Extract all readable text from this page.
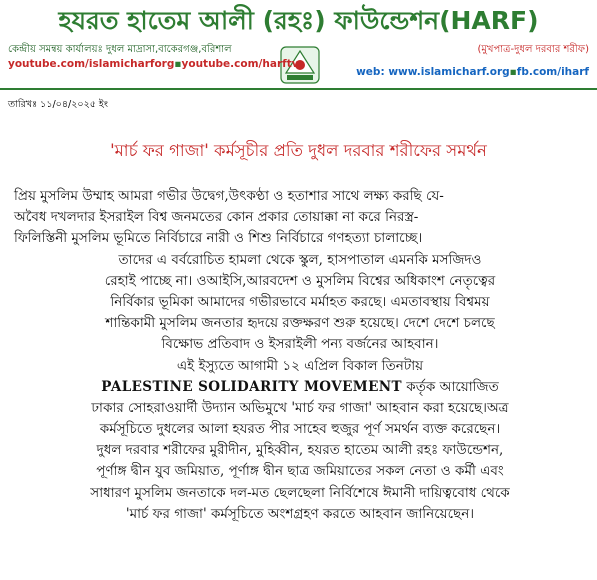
হযরত হাতেম আলী (রহঃ) ফাউন্ডেশন(HARF)
কেন্দ্রীয় সমন্বয় কার্যালয়ঃ দুধল মাদ্রাসা,বাকেরগঞ্জ,বরিশাল	(মুখপাত্র-দুধল দরবার শরীফ)
youtube.com/islamicharforg▪youtube.com/harftv
web: www.islamicharf.org▪fb.com/iharf
তারিখঃ ১১/০৪/২০২৫ ইং
'মার্চ ফর গাজা' কর্মসূচীর প্রতি দুধল দরবার শরীফের সমর্থন
প্রিয় মুসলিম উম্মাহ আমরা গভীর উদ্বেগ,উৎকণ্ঠা ও হতাশার সাথে লক্ষ্য করছি যে-
অবৈধ দখলদার ইসরাইল বিশ্ব জনমতের কোন প্রকার তোয়াক্কা না করে নিরস্ত্র-
ফিলিস্তিনী মুসলিম ভূমিতে নির্বিচারে নারী ও শিশু নির্বিচারে গণহত্যা চালাচ্ছে।
তাদের এ বর্বরোচিত হামলা থেকে স্কুল, হাসপাতাল এমনকি মসজিদও
রেহাই পাচ্ছে না। ওআইসি,আরবদেশ ও মুসলিম বিশ্বের অধিকাংশ নেতৃত্বের
নির্বিকার ভূমিকা আমাদের গভীরভাবে মর্মাহত করছে। এমতাবস্থায় বিশ্বময়
শান্তিকামী মুসলিম জনতার হৃদয়ে রক্তক্ষরণ শুরু হয়েছে। দেশে দেশে চলছে
বিক্ষোভ প্রতিবাদ ও ইসরাইলী পন্য বর্জনের আহবান।
এই ইস্যুতে আগামী ১২ এপ্রিল বিকাল তিনটায়
PALESTINE SOLIDARITY MOVEMENT কর্তৃক আয়োজিত
ঢাকার সোহরাওয়ার্দী উদ্যান অভিমুখে 'মার্চ ফর গাজা' আহবান করা হয়েছে।অত্র
কর্মসূচিতে দুধলের আলা হযরত পীর সাহেব হুজুর পূর্ণ সমর্থন ব্যক্ত করেছেন।
দুধল দরবার শরীফের মুরীদীন, মুহিব্বীন, হযরত হাতেম আলী রহঃ ফাউন্ডেশন,
পূর্ণাঙ্গ দ্বীন যুব জমিয়াত, পূর্ণাঙ্গ দ্বীন ছাত্র জমিয়াতের সকল নেতা ও কর্মী এবং
সাধারণ মুসলিম জনতাকে দল-মত ছেলছেলা নির্বিশেষে ঈমানী দায়িত্ববোধ থেকে
'মার্চ ফর গাজা' কর্মসূচিতে অংশগ্রহণ করতে আহবান জানিয়েছেন।
